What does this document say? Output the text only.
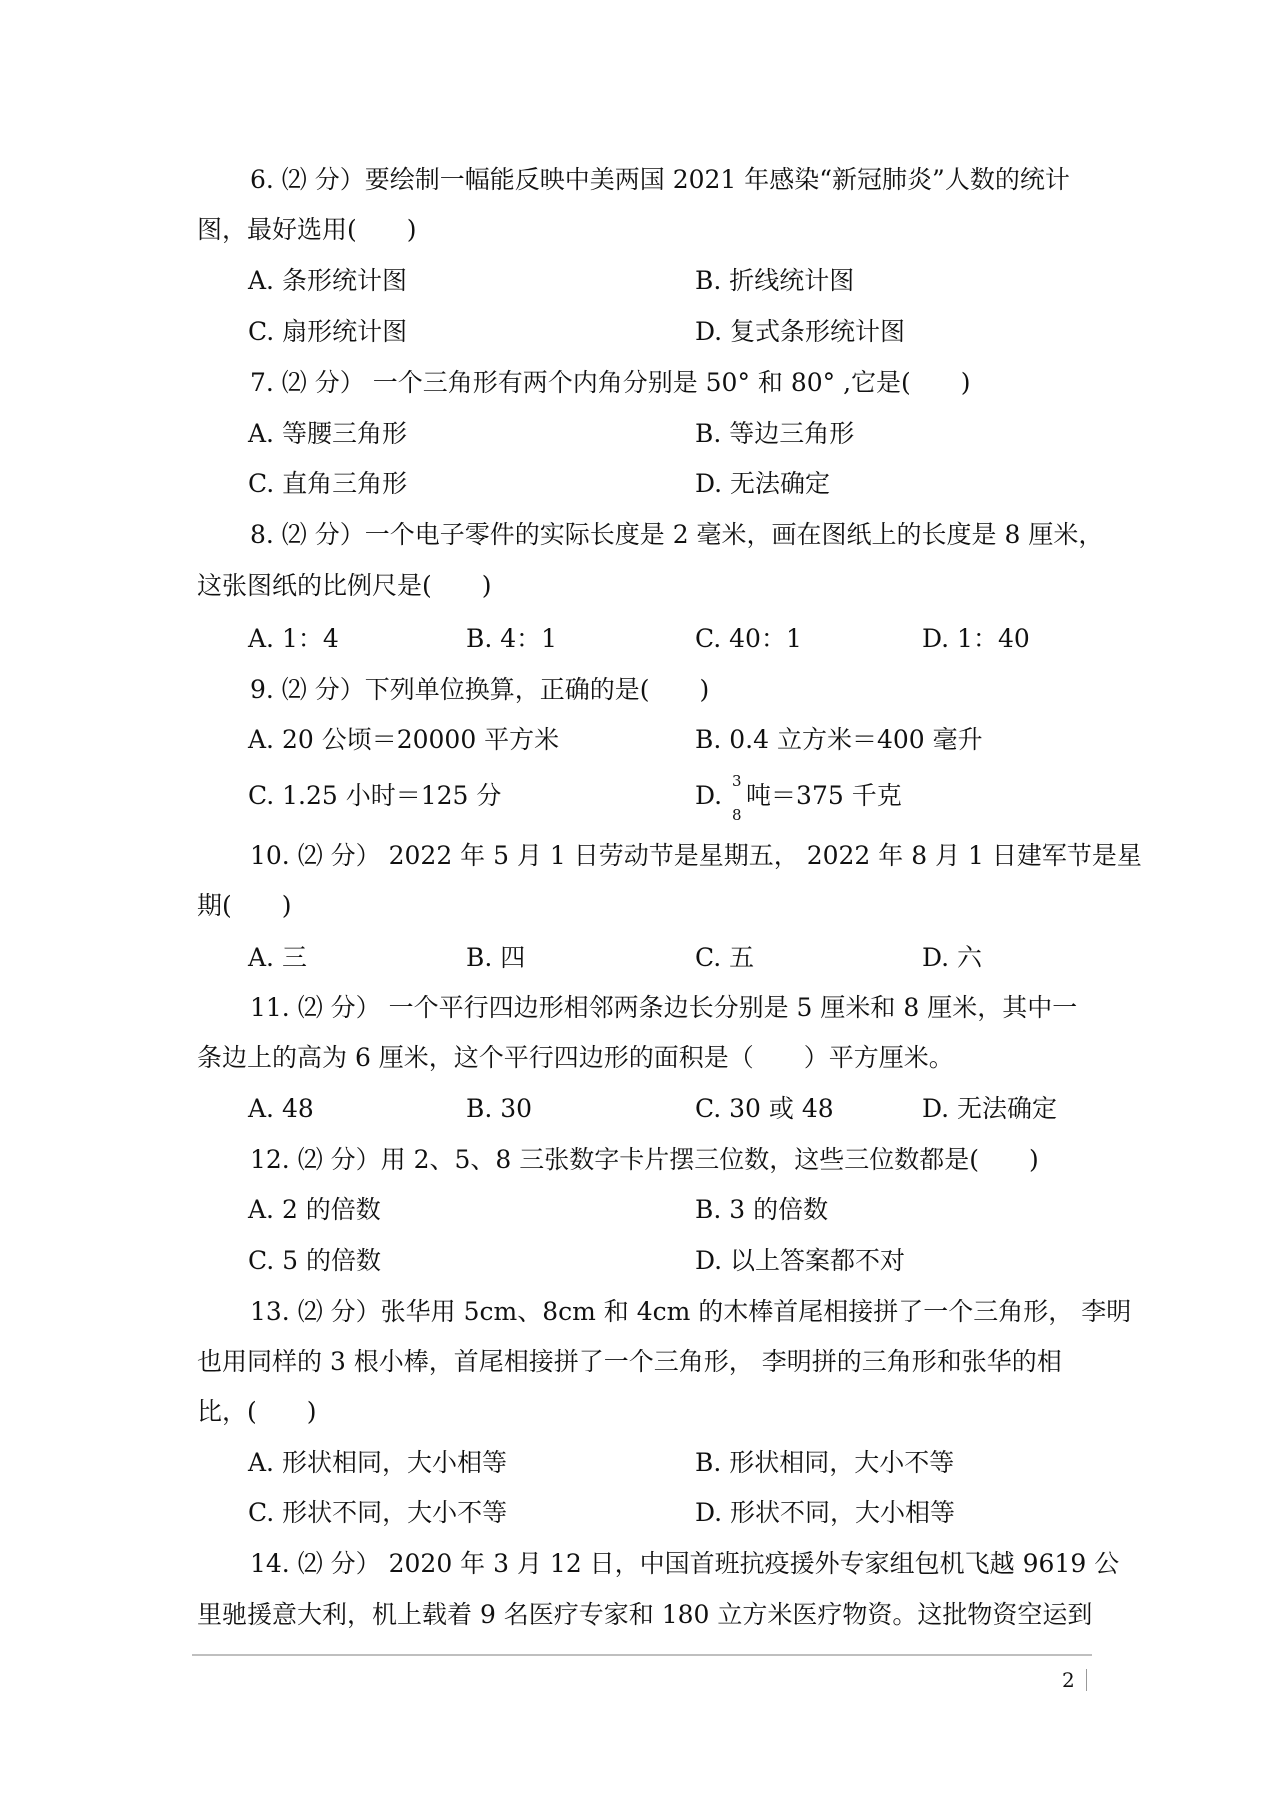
6. ⑵ 分）要绘制一幅能反映中美两国 2021 年感染“新冠肺炎”人数的统计
图，最好选用(　　)
A. 条形统计图	B. 折线统计图
C. 扇形统计图	D. 复式条形统计图
7. ⑵ 分） 一个三角形有两个内角分别是 50° 和 80° ,它是(　　)
A. 等腰三角形	B. 等边三角形
C. 直角三角形	D. 无法确定
8. ⑵ 分）一个电子零件的实际长度是 2 毫米，画在图纸上的长度是 8 厘米，
这张图纸的比例尺是(　　)
A. 1：4	B. 4：1	C. 40：1	D. 1：40
9. ⑵ 分）下列单位换算，正确的是(　　)
A. 20 公顷＝20000 平方米	B. 0.4 立方米＝400 毫升
C. 1.25 小时＝125 分	D. 3
8
吨＝375 千克
10. ⑵ 分） 2022 年 5 月 1 日劳动节是星期五， 2022 年 8 月 1 日建军节是星
期(　　)
A. 三	B. 四	C. 五	D. 六
11. ⑵ 分） 一个平行四边形相邻两条边长分别是 5 厘米和 8 厘米，其中一
条边上的高为 6 厘米，这个平行四边形的面积是（　　）平方厘米。
A. 48	B. 30	C. 30 或 48	D. 无法确定
12. ⑵ 分）用 2、5、8 三张数字卡片摆三位数，这些三位数都是(　　)
A. 2 的倍数	B. 3 的倍数
C. 5 的倍数	D. 以上答案都不对
13. ⑵ 分）张华用 5cm、8cm 和 4cm 的木棒首尾相接拼了一个三角形， 李明
也用同样的 3 根小棒，首尾相接拼了一个三角形， 李明拼的三角形和张华的相
比，(　　)
A. 形状相同，大小相等	B. 形状相同，大小不等
C. 形状不同，大小不等	D. 形状不同，大小相等
14. ⑵ 分） 2020 年 3 月 12 日，中国首班抗疫援外专家组包机飞越 9619 公
里驰援意大利，机上载着 9 名医疗专家和 180 立方米医疗物资。这批物资空运到
2
